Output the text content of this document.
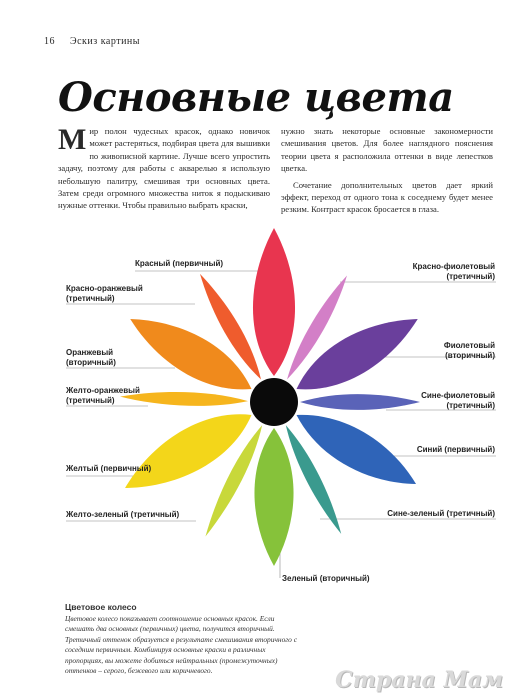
16 Эскиз картины
Основные цвета

Мир полон чудесных красок, однако новичок может растеряться, подбирая цвета для вышивки по живописной картине. Лучше всего упростить задачу, поэтому для работы с акварелью я использую небольшую палитру, смешивая три основных цвета. Затем среди огромного множества ниток я подыскиваю нужные оттенки. Чтобы правильно выбрать краски,

нужно знать некоторые основные закономерности смешивания цветов. Для более наглядного пояснения теории цвета я расположила оттенки в виде лепестков цветка.

Сочетание дополнительных цветов дает яркий эффект, переход от одного тона к соседнему будет менее резким. Контраст красок бросается в глаза.

Красный (первичный)
Красно-оранжевый
(третичный)
Оранжевый
(вторичный)
Желто-оранжевый
(третичный)
Желтый (первичный)
Желто-зеленый (третичный)
Зеленый (вторичный)
Сине-зеленый (третичный)
Синий (первичный)
Сине-фиолетовый
(третичный)
Фиолетовый
(вторичный)
Красно-фиолетовый
(третичный)
Цветовое колесо
Цветовое колесо показывает соотношение основных красок. Если смешать два основных (первичных) цвета, получится вторичный. Третичный оттенок образуется в результате смешивания вторичного с соседним первичным. Комбинируя основные краски в различных пропорциях, вы можете добиться нейтральных (промежуточных) оттенков – серого, бежевого или коричневого.	Страна Мам
